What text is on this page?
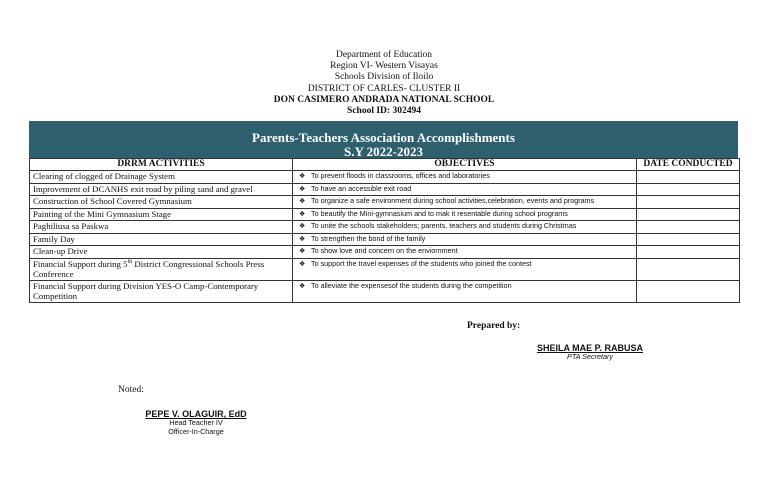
Department of Education
Region VI- Western Visayas
Schools Division of Iloilo
DISTRICT OF CARLES- CLUSTER II
DON CASIMERO ANDRADA NATIONAL SCHOOL
School ID: 302494
Parents-Teachers Association Accomplishments
S.Y 2022-2023
DRRM ACTIVITIES	OBJECTIVES	DATE CONDUCTED
Clearing of clogged of Drainage System	❖ To prevent floods in classrooms, offices and laboratories	
Improvement of DCANHS exit road by piling sand and gravel	❖ To have an accessible exit road	
Construction of School Covered Gymnasium	❖ To organize a safe environment during school activities,celebration, events and programs	
Painting of the Mini Gymnasium Stage	❖ To beautify the Mini-gymnasium and to mak it resentable during school programs	
Paghiliusa sa Paskwa	❖ To unite the schools stakeholders; parents, teachers and students during Christmas	
Family Day	❖ To strengthen the bond of the family	
Clean-up Drive	❖ To show love and concern on the enviornment	
Financial Support during 5th District Congressional Schools Press Conference	❖ To support the travel expenses of the students who joined the contest	
Financial Support during Division YES-O Camp-Contemporary Competition	❖ To alleviate the expensesof the students during the competition	
Prepared by:
SHEILA MAE P. RABUSA
PTA Secretary
Noted:
PEPE V. OLAGUIR, EdD
Head Teacher IV
Officer-In-Charge
